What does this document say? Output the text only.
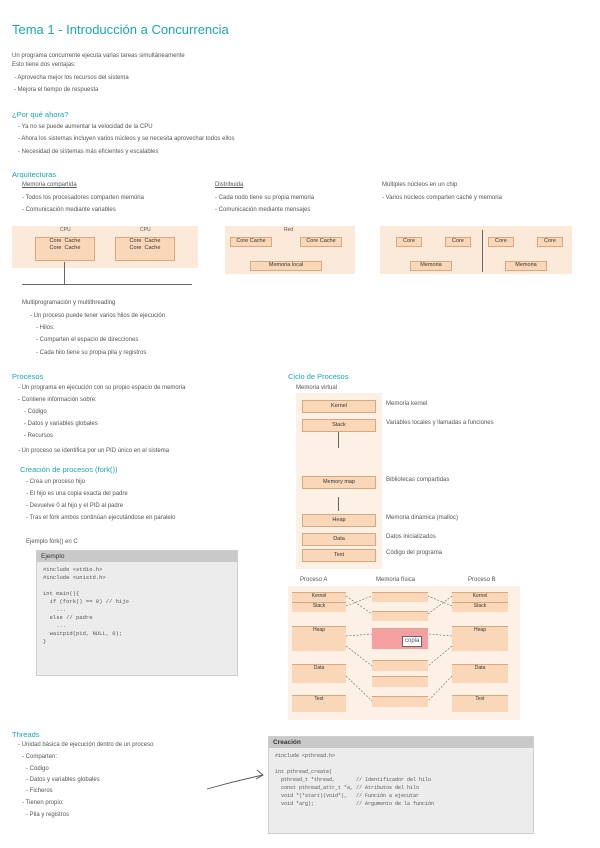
Tema 1 - Introducción a Concurrencia
Un programa concurrente ejecuta varias tareas simultáneamente
Esto tiene dos ventajas:
- Aprovecha mejor los recursos del sistema
- Mejora el tiempo de respuesta
¿Por qué ahora?
- Ya no se puede aumentar la velocidad de la CPU
- Ahora los sistemas incluyen varios núcleos y se necesita aprovechar todos ellos
- Necesidad de sistemas más eficientes y escalables
Arquitecturas
Memoria compartida
- Todos los procesadores comparten memoria
- Comunicación mediante variables
Distribuida
- Cada nodo tiene su propia memoria
- Comunicación mediante mensajes
Múltiples núcleos en un chip
- Varios núcleos comparten caché y memoria
CPU	CPU
Core  Cache
Core  Cache
Core  Cache
Core  Cache
Red
Core Cache	Core Cache
Memoria local
Core	Core	Core	Core
Memoria	Memoria
Multiprogramación y multithreading
- Un proceso puede tener varios hilos de ejecución
- Hilos:
- Comparten el espacio de direcciones
- Cada hilo tiene su propia pila y registros
Procesos
- Un programa en ejecución con su propio espacio de memoria
- Contiene información sobre:
- Código
- Datos y variables globales
- Recursos
- Un proceso se identifica por un PID único en el sistema
Creación de procesos (fork())
- Crea un proceso hijo
- El hijo es una copia exacta del padre
- Devuelve 0 al hijo y el PID al padre
- Tras el fork ambos continúan ejecutándose en paralelo
Ejemplo fork() en C
Ejemplo
#include <stdio.h>
#include <unistd.h>

int main(){
if (fork() == 0) // hijo
...
else // padre
...
waitpid(pid, NULL, 0);
}
Ciclo de Procesos
Memoria virtual
Kernel
Stack
Memory map
Heap
Data
Text
Memoria kernel
Variables locales y llamadas a funciones
Bibliotecas compartidas
Memoria dinámica (malloc)
Datos inicializados
Código del programa
Proceso A	Memoria física	Proceso B
Kernel
Stack
Heap
Data
Text
copia
Kernel
Stack
Heap
Data
Text
Threads
- Unidad básica de ejecución dentro de un proceso
- Comparten:
- Código
- Datos y variables globales
- Ficheros
- Tienen propio:
- Pila y registros
Creación
#include <pthread.h>

int pthread_create(
pthread_t *thread,       // Identificador del hilo
const pthread_attr_t *a, // Atributos del hilo
void *(*start)(void*),   // Función a ejecutar
void *arg);              // Argumento de la función
